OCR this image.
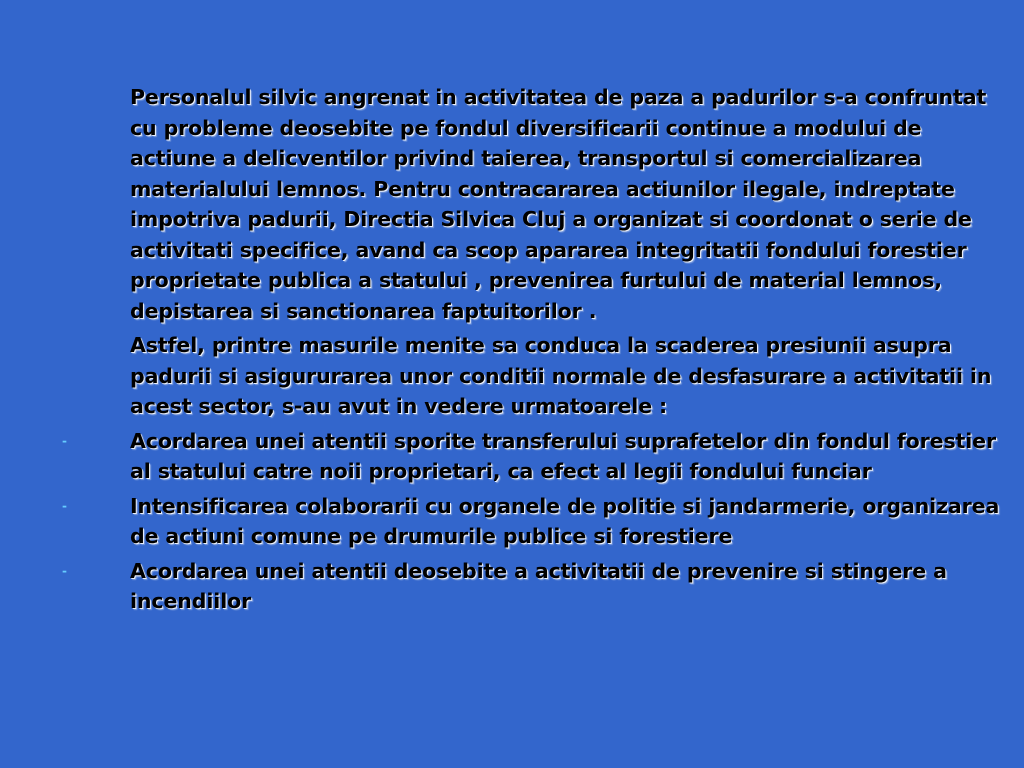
Personalul silvic angrenat in activitatea de paza a padurilor s-a confruntat cu probleme deosebite pe fondul diversificarii continue a modului de actiune a delicventilor privind taierea, transportul si comercializarea materialului lemnos. Pentru contracararea actiunilor ilegale, indreptate impotriva padurii, Directia Silvica Cluj a organizat si coordonat o serie de activitati specifice, avand ca scop apararea integritatii fondului forestier proprietate publica a statului , prevenirea furtului de material lemnos, depistarea si sanctionarea faptuitorilor .

Astfel, printre masurile menite sa conduca la scaderea presiunii asupra padurii si asigururarea unor conditii normale de desfasurare a activitatii in acest sector, s-au avut in vedere urmatoarele :

-	Acordarea unei atentii sporite transferului suprafetelor din fondul forestier al statului catre noii proprietari, ca efect al legii fondului funciar

-	Intensificarea colaborarii cu organele de politie si jandarmerie, organizarea de actiuni comune pe drumurile publice si forestiere

-	Acordarea unei atentii deosebite a activitatii de prevenire si stingere a incendiilor
